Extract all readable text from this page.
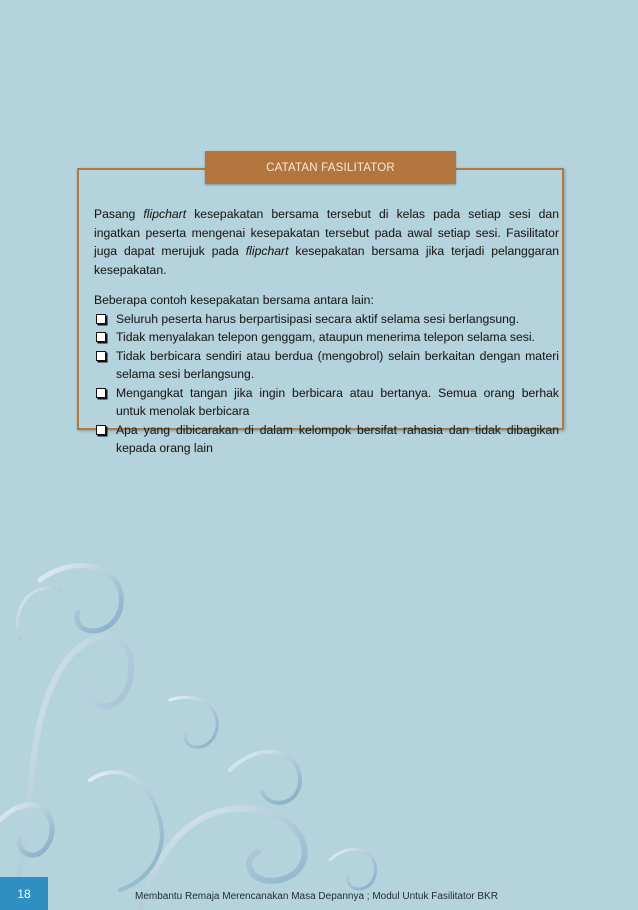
CATATAN FASILITATOR

Pasang flipchart kesepakatan bersama tersebut di kelas pada setiap sesi dan ingatkan peserta mengenai kesepakatan tersebut pada awal setiap sesi. Fasilitator juga dapat merujuk pada flipchart kesepakatan bersama jika terjadi pelanggaran kesepakatan.

Beberapa contoh kesepakatan bersama antara lain:

Seluruh peserta harus berpartisipasi secara aktif selama sesi berlangsung.
Tidak menyalakan telepon genggam, ataupun menerima telepon selama sesi.
Tidak berbicara sendiri atau berdua (mengobrol) selain berkaitan dengan materi selama sesi berlangsung.
Mengangkat tangan jika ingin berbicara atau bertanya. Semua orang berhak untuk menolak berbicara
Apa yang dibicarakan di dalam kelompok bersifat rahasia dan tidak dibagikan kepada orang lain
18	Membantu Remaja Merencanakan Masa Depannya ; Modul Untuk Fasilitator BKR
